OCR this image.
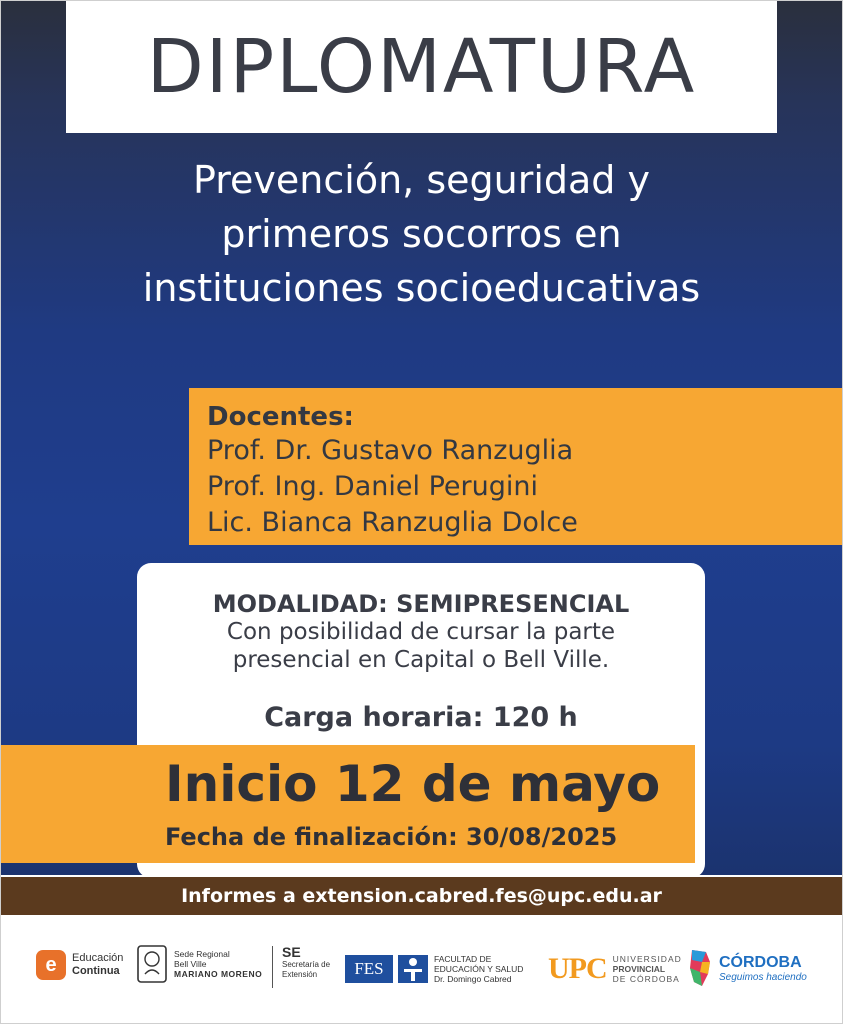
DIPLOMATURA
Prevención, seguridad y
primeros socorros en
instituciones socioeducativas
Docentes:
Prof. Dr. Gustavo Ranzuglia
Prof. Ing. Daniel Perugini
Lic. Bianca Ranzuglia Dolce
MODALIDAD: SEMIPRESENCIAL
Con posibilidad de cursar la parte
presencial en Capital o Bell Ville.
Carga horaria: 120 h
Inicio 12 de mayo
Fecha de finalización: 30/08/2025
Informes a extension.cabred.fes@upc.edu.ar
e	Educación
Continua
Sede Regional
Bell Ville
MARIANO MORENO
SE
Secretaría de
Extensión	FES	FACULTAD DE
EDUCACIÓN Y SALUD
Dr. Domingo Cabred	UPC UNIVERSIDAD
PROVINCIAL
DE CÓRDOBA
CÓRDOBA
Seguimos haciendo
